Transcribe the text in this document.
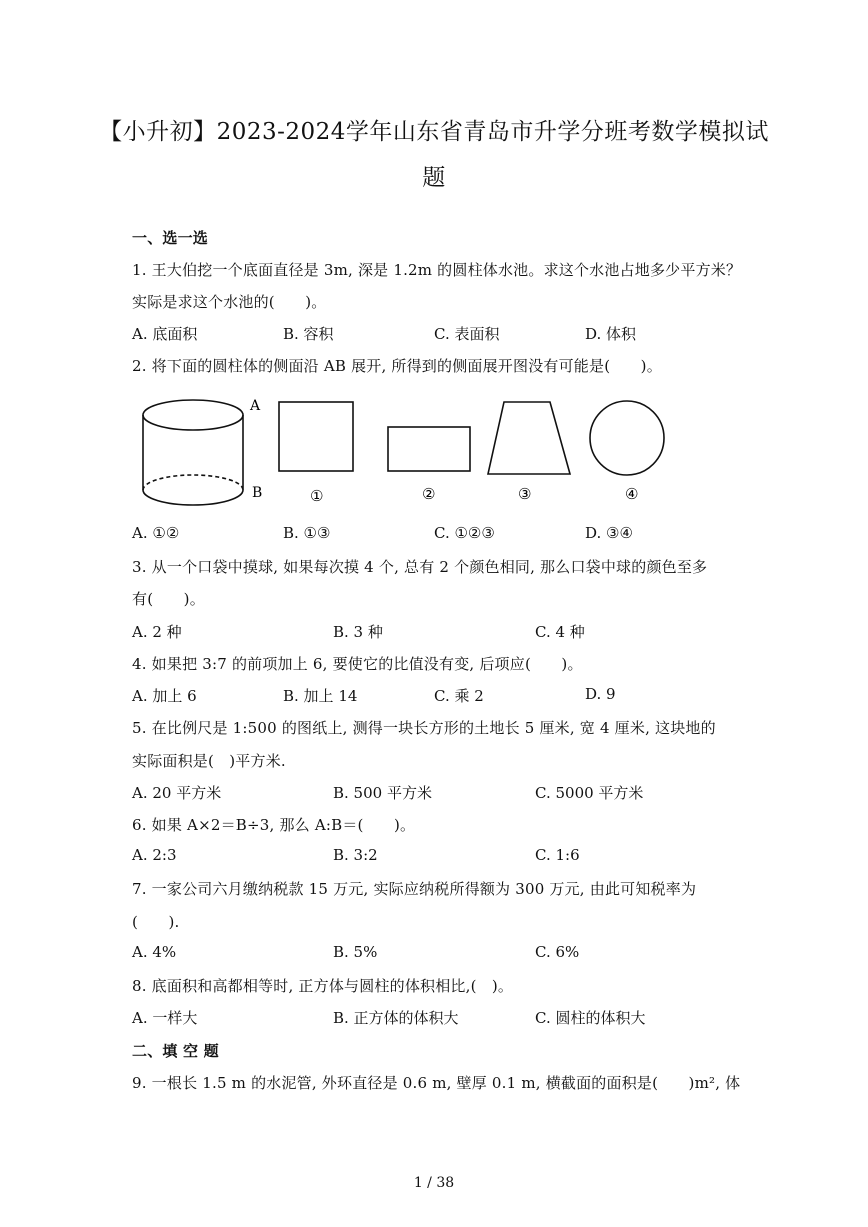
【小升初】2023-2024学年山东省青岛市升学分班考数学模拟试
题
一、选一选
1. 王大伯挖一个底面直径是 3m, 深是 1.2m 的圆柱体水池。求这个水池占地多少平方米？
实际是求这个水池的(　　)。
A. 底面积	B. 容积	C. 表面积	D. 体积
2. 将下面的圆柱体的侧面沿 AB 展开, 所得到的侧面展开图没有可能是(　　)。
A
B	①	②	③	④
A. ①②	B. ①③	C. ①②③	D. ③④
3. 从一个口袋中摸球, 如果每次摸 4 个, 总有 2 个颜色相同, 那么口袋中球的颜色至多
有(　　)。
A. 2 种	B. 3 种	C. 4 种
4. 如果把 3:7 的前项加上 6, 要使它的比值没有变, 后项应(　　)。
A. 加上 6	B. 加上 14	C. 乘 2	D. 9
5. 在比例尺是 1:500 的图纸上, 测得一块长方形的土地长 5 厘米, 宽 4 厘米, 这块地的
实际面积是(　)平方米.
A. 20 平方米	B. 500 平方米	C. 5000 平方米
6. 如果 A×2＝B÷3, 那么 A:B＝(　　)。
A. 2:3	B. 3:2	C. 1:6
7. 一家公司六月缴纳税款 15 万元, 实际应纳税所得额为 300 万元, 由此可知税率为
(　　).
A. 4%	B. 5%	C. 6%
8. 底面积和高都相等时, 正方体与圆柱的体积相比,(　)。
A. 一样大	B. 正方体的体积大	C. 圆柱的体积大
二、填 空 题
9. 一根长 1.5 m 的水泥管, 外环直径是 0.6 m, 壁厚 0.1 m, 横截面的面积是(　　)m², 体
1 / 38
